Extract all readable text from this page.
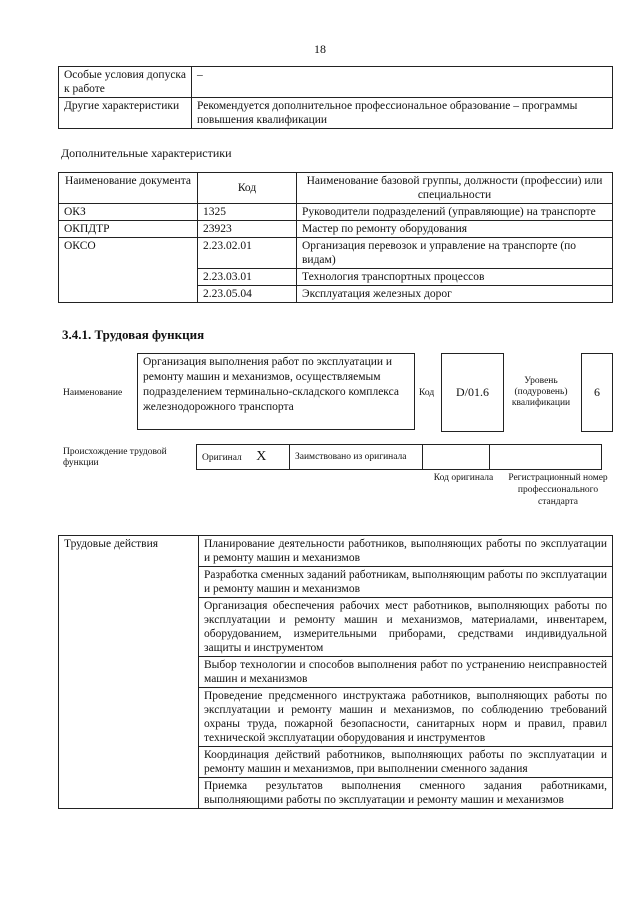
18
Особые условия допуска к работе	–
Другие характеристики	Рекомендуется дополнительное профессиональное образование – программы повышения квалификации
Дополнительные характеристики
Наименование документа	Код	Наименование базовой группы, должности (профессии) или специальности
ОКЗ	1325	Руководители подразделений (управляющие) на транспорте
ОКПДТР	23923	Мастер по ремонту оборудования
ОКСО	2.23.02.01	Организация перевозок и управление на транспорте (по видам)
	2.23.03.01	Технология транспортных процессов
	2.23.05.04	Эксплуатация железных дорог
3.4.1. Трудовая функция
Наименование
Организация выполнения работ по эксплуатации и ремонту машин и механизмов, осуществляемым подразделением терминально-складского комплекса железнодорожного транспорта
Код	D/01.6
Уровень (подуровень) квалификации
6
Происхождение трудовой функции
Оригинал X	Заимствовано из оригинала		
Код оригинала	Регистрационный номер профессионального стандарта
Трудовые действия	Планирование деятельности работников, выполняющих работы по эксплуатации и ремонту машин и механизмов
Разработка сменных заданий работникам, выполняющим работы по эксплуатации и ремонту машин и механизмов
Организация обеспечения рабочих мест работников, выполняющих работы по эксплуатации и ремонту машин и механизмов, материалами, инвентарем, оборудованием, измерительными приборами, средствами индивидуальной защиты и инструментом
Выбор технологии и способов выполнения работ по устранению неисправностей машин и механизмов
Проведение предсменного инструктажа работников, выполняющих работы по эксплуатации и ремонту машин и механизмов, по соблюдению требований охраны труда, пожарной безопасности, санитарных норм и правил, правил технической эксплуатации оборудования и инструментов
Координация действий работников, выполняющих работы по эксплуатации и ремонту машин и механизмов, при выполнении сменного задания
Приемка результатов выполнения сменного задания работниками, выполняющими работы по эксплуатации и ремонту машин и механизмов
